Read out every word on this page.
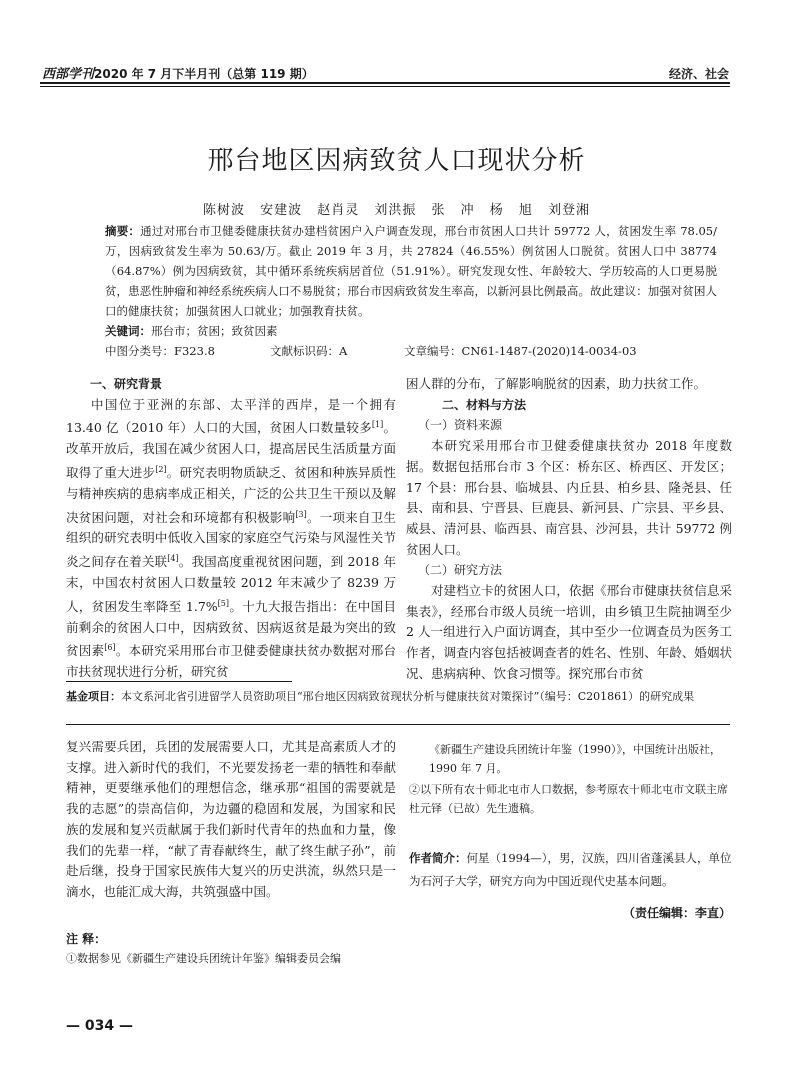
西部学刊2020 年 7 月下半月刊（总第 119 期）	经济、社会
邢台地区因病致贫人口现状分析
陈树波 安建波 赵肖灵 刘洪振 张 冲 杨 旭 刘登湘
摘要：通过对邢台市卫健委健康扶贫办建档贫困户入户调查发现，邢台市贫困人口共计 59772 人，贫困发生率 78.05/万，因病致贫发生率为 50.63/万。截止 2019 年 3 月，共 27824（46.55%）例贫困人口脱贫。贫困人口中 38774（64.87%）例为因病致贫，其中循环系统疾病居首位（51.91%）。研究发现女性、年龄较大、学历较高的人口更易脱贫，患恶性肿瘤和神经系统疾病人口不易脱贫；邢台市因病致贫发生率高，以新河县比例最高。故此建议：加强对贫困人口的健康扶贫；加强贫困人口就业；加强教育扶贫。
关键词：邢台市；贫困；致贫因素
中图分类号：F323.8	文献标识码：A	文章编号：CN61-1487-(2020)14-0034-03

一、研究背景

中国位于亚洲的东部、太平洋的西岸，是一个拥有 13.40 亿（2010 年）人口的大国，贫困人口数量较多[1]。改革开放后，我国在减少贫困人口，提高居民生活质量方面取得了重大进步[2]。研究表明物质缺乏、贫困和种族异质性与精神疾病的患病率成正相关，广泛的公共卫生干预以及解决贫困问题，对社会和环境都有积极影响[3]。一项来自卫生组织的研究表明中低收入国家的家庭空气污染与风湿性关节炎之间存在着关联[4]。我国高度重视贫困问题，到 2018 年末，中国农村贫困人口数量较 2012 年末减少了 8239 万人，贫困发生率降至 1.7%[5]。十九大报告指出：在中国目前剩余的贫困人口中，因病致贫、因病返贫是最为突出的致贫因素[6]。本研究采用邢台市卫健委健康扶贫办数据对邢台市扶贫现状进行分析，研究贫

困人群的分布，了解影响脱贫的因素，助力扶贫工作。

二、材料与方法

（一）资料来源

本研究采用邢台市卫健委健康扶贫办 2018 年度数据。数据包括邢台市 3 个区：桥东区、桥西区、开发区；17 个县：邢台县、临城县、内丘县、柏乡县、隆尧县、任县、南和县、宁晋县、巨鹿县、新河县、广宗县、平乡县、威县、清河县、临西县、南宫县、沙河县，共计 59772 例贫困人口。

（二）研究方法

对建档立卡的贫困人口，依据《邢台市健康扶贫信息采集表》，经邢台市级人员统一培训，由乡镇卫生院抽调至少 2 人一组进行入户面访调查，其中至少一位调查员为医务工作者，调查内容包括被调查者的姓名、性别、年龄、婚姻状况、患病病种、饮食习惯等。探究邢台市贫

基金项目：本文系河北省引进留学人员资助项目“邢台地区因病致贫现状分析与健康扶贫对策探讨”（编号：C201861）的研究成果

复兴需要兵团，兵团的发展需要人口，尤其是高素质人才的支撑。进入新时代的我们，不光要发扬老一辈的牺牲和奉献精神，更要继承他们的理想信念，继承那“祖国的需要就是我的志愿”的崇高信仰，为边疆的稳固和发展，为国家和民族的发展和复兴贡献属于我们新时代青年的热血和力量，像我们的先辈一样，“献了青春献终生，献了终生献子孙”，前赴后继，投身于国家民族伟大复兴的历史洪流，纵然只是一滴水，也能汇成大海，共筑强盛中国。

注 释：
①数据参见《新疆生产建设兵团统计年鉴》编辑委员会编
《新疆生产建设兵团统计年鉴（1990）》，中国统计出版社，1990 年 7 月。
②以下所有农十师北屯市人口数据，参考原农十师北屯市文联主席杜元铎（已故）先生遗稿。
作者简介：何星（1994—），男，汉族，四川省蓬溪县人，单位为石河子大学，研究方向为中国近现代史基本问题。
（责任编辑：李直）
— 034 —
